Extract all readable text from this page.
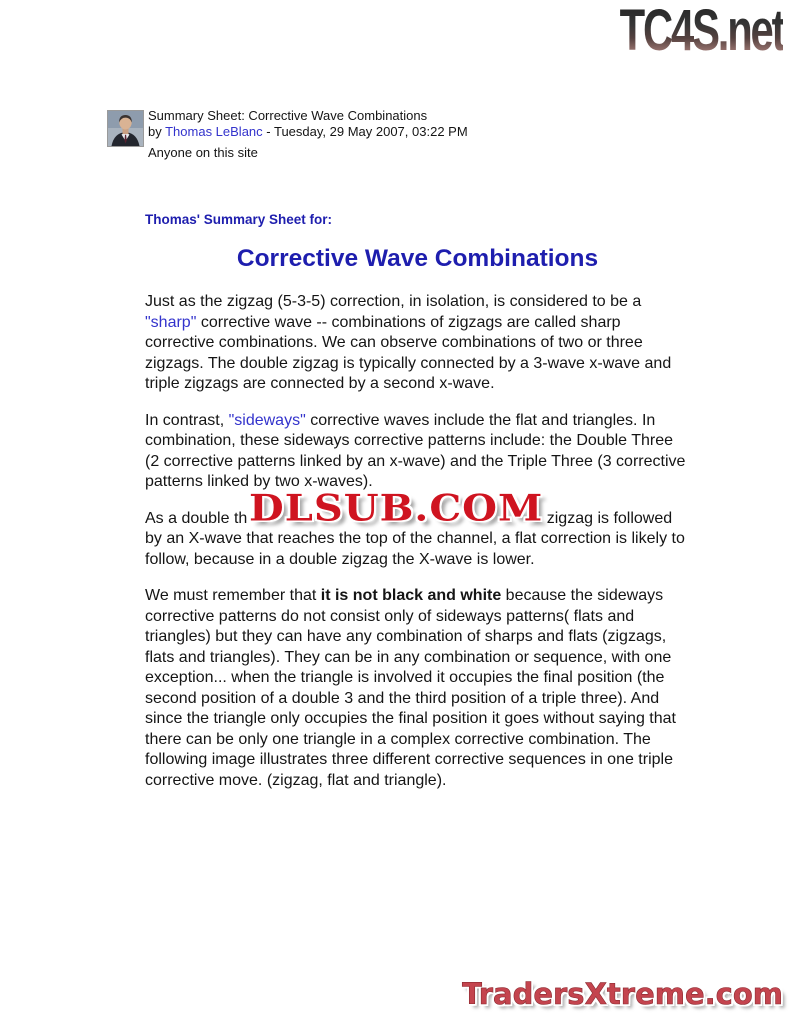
TC4S.net
Summary Sheet: Corrective Wave Combinations
by Thomas LeBlanc - Tuesday, 29 May 2007, 03:22 PM
Anyone on this site
Thomas' Summary Sheet for:
Corrective Wave Combinations

Just as the zigzag (5-3-5) correction, in isolation, is considered to be a "sharp" corrective wave -- combinations of zigzags are called sharp corrective combinations. We can observe combinations of two or three zigzags. The double zigzag is typically connected by a 3-wave x-wave and triple zigzags are connected by a second x-wave.

In contrast, "sideways" corrective waves include the flat and triangles. In combination, these sideways corrective patterns include: the Double Three (2 corrective patterns linked by an x-wave) and the Triple Three (3 corrective patterns linked by two x-waves).

As a double th	zigzag is followed by an X-wave that reaches the top of the channel, a flat correction is likely to follow, because in a double zigzag the X-wave is lower.

We must remember that it is not black and white because the sideways corrective patterns do not consist only of sideways patterns( flats and triangles) but they can have any combination of sharps and flats (zigzags, flats and triangles). They can be in any combination or sequence, with one exception... when the triangle is involved it occupies the final position (the second position of a double 3 and the third position of a triple three). And since the triangle only occupies the final position it goes without saying that there can be only one triangle in a complex corrective combination. The following image illustrates three different corrective sequences in one triple corrective move. (zigzag, flat and triangle).

DLSUB.COM
TradersXtreme.com
